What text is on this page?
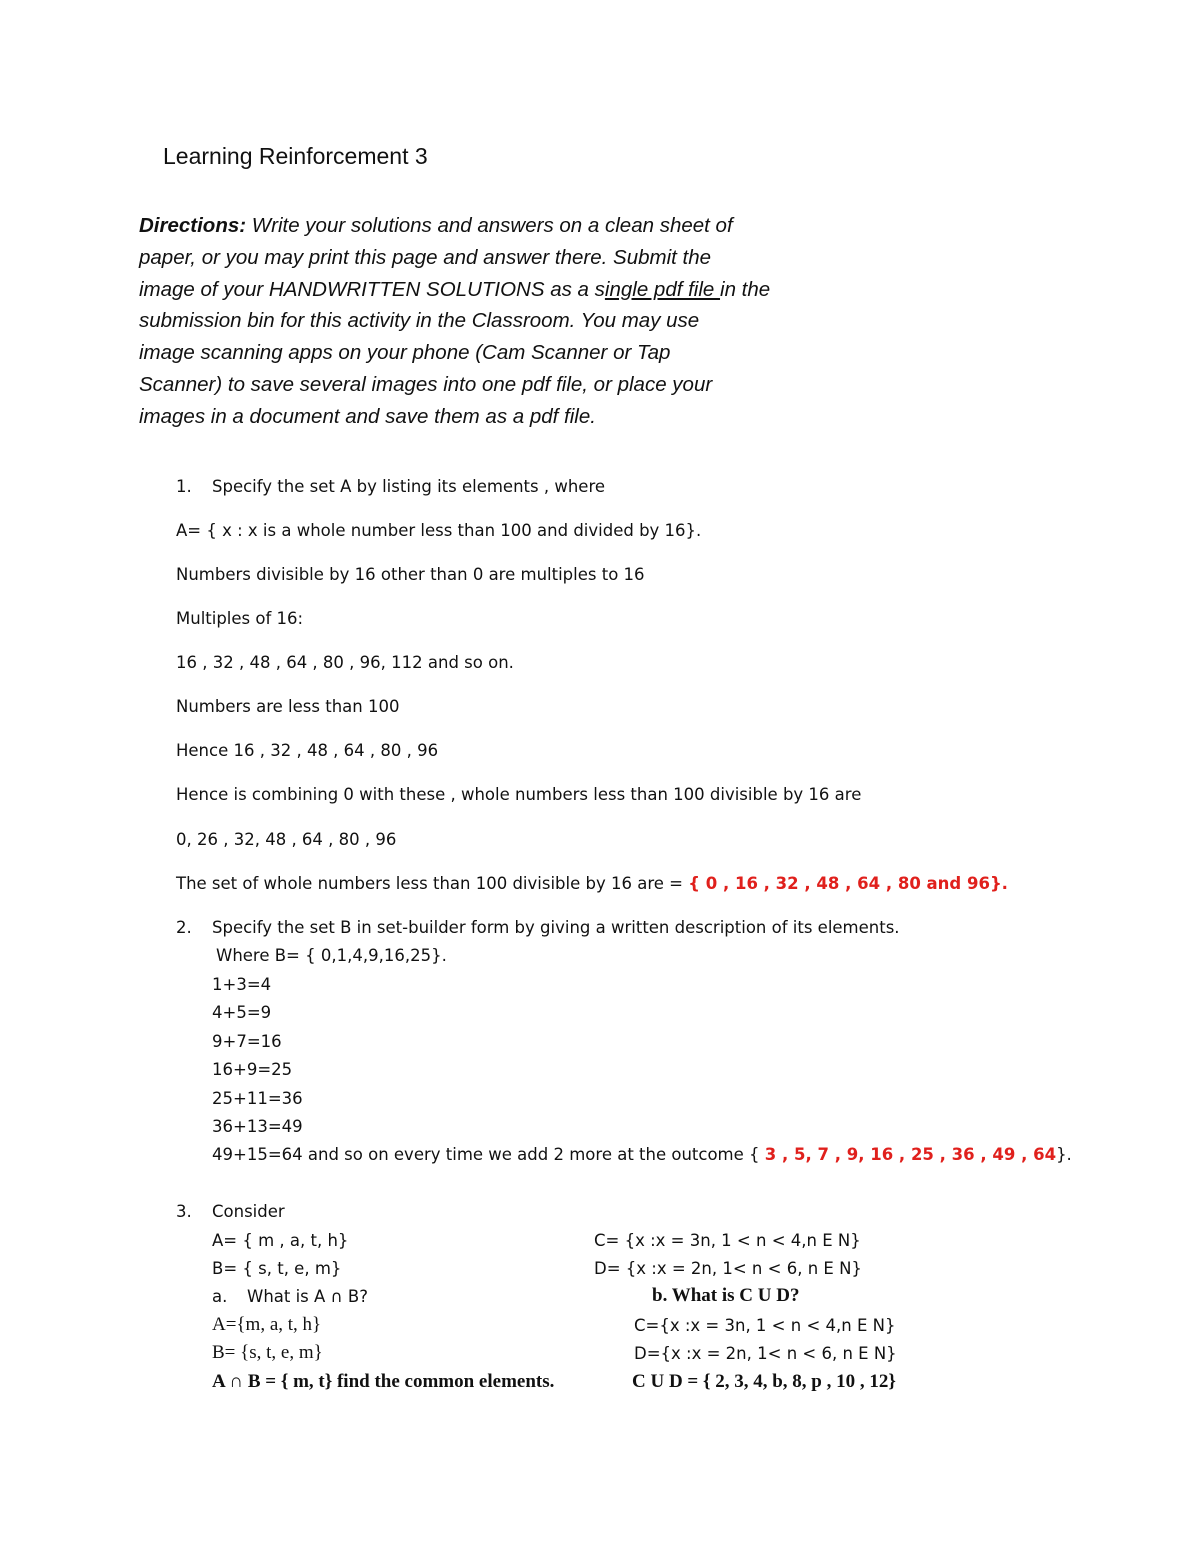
Learning Reinforcement 3
Directions: Write your solutions and answers on a clean sheet of
paper, or you may print this page and answer there. Submit the
image of your HANDWRITTEN SOLUTIONS as a single pdf file in the
submission bin for this activity in the Classroom. You may use
image scanning apps on your phone (Cam Scanner or Tap
Scanner) to save several images into one pdf file, or place your
images in a document and save them as a pdf file.
1. Specify the set A by listing its elements , where
A= { x : x is a whole number less than 100 and divided by 16}.
Numbers divisible by 16 other than 0 are multiples to 16
Multiples of 16:
16 , 32 , 48 , 64 , 80 , 96, 112 and so on.
Numbers are less than 100
Hence 16 , 32 , 48 , 64 , 80 , 96
Hence is combining 0 with these , whole numbers less than 100 divisible by 16 are
0, 26 , 32, 48 , 64 , 80 , 96
The set of whole numbers less than 100 divisible by 16 are = { 0 , 16 , 32 , 48 , 64 , 80 and 96}.
2. Specify the set B in set-builder form by giving a written description of its elements.
Where B= { 0,1,4,9,16,25}.
1+3=4
4+5=9
9+7=16
16+9=25
25+11=36
36+13=49
49+15=64 and so on every time we add 2 more at the outcome { 3 , 5, 7 , 9, 16 , 25 , 36 , 49 , 64}.
3. Consider
A= { m , a, t, h}	C= {x :x = 3n, 1 < n < 4,n E N}
B= { s, t, e, m}	D= {x :x = 2n, 1< n < 6, n E N}
a. What is A ∩ B?	b. What is C U D?
A={m, a, t, h}	C={x :x = 3n, 1 < n < 4,n E N}
B= {s, t, e, m}	D={x :x = 2n, 1< n < 6, n E N}
A ∩ B = { m, t} find the common elements.	C U D = { 2, 3, 4, b, 8, p , 10 , 12}
